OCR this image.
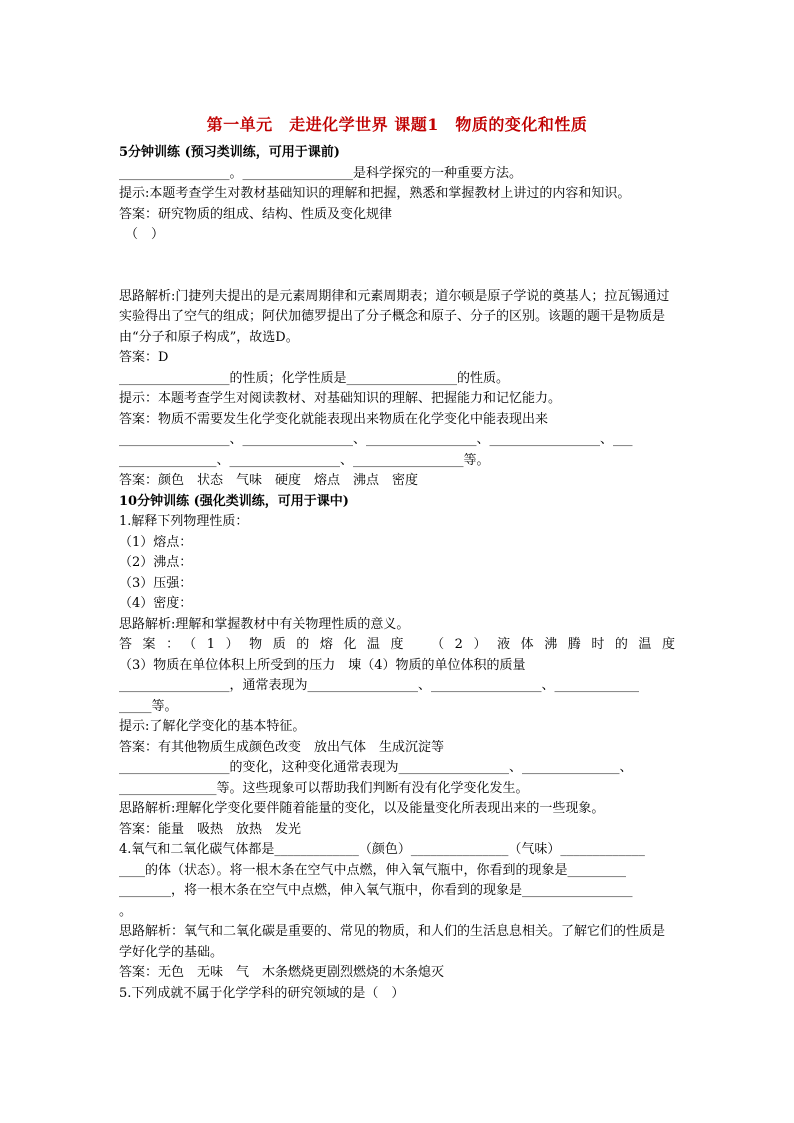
第一单元　走进化学世界 课题1　物质的变化和性质
5分钟训练 (预习类训练，可用于课前)
_________________。_________________是科学探究的一种重要方法。
提示:本题考查学生对教材基础知识的理解和把握，熟悉和掌握教材上讲过的内容和知识。
答案：研究物质的组成、结构、性质及变化规律
（　）
思路解析:门捷列夫提出的是元素周期律和元素周期表；道尔顿是原子学说的奠基人；拉瓦锡通过实验得出了空气的组成；阿伏加德罗提出了分子概念和原子、分子的区别。该题的题干是物质是由“分子和原子构成”，故选D。
答案：D
_________________的性质；化学性质是_________________的性质。
提示：本题考查学生对阅读教材、对基础知识的理解、把握能力和记忆能力。
答案：物质不需要发生化学变化就能表现出来物质在化学变化中能表现出来
_________________、_________________、_________________、_________________、___
_______________、_________________、_________________等。
答案：颜色　状态　气味　硬度　熔点　沸点　密度
10分钟训练 (强化类训练，可用于课中)
1.解释下列物理性质：
（1）熔点：
（2）沸点：
（3）压强：
（4）密度：
思路解析:理解和掌握教材中有关物理性质的意义。
答案：（1）物质的熔化温度　（2）液体沸腾时的温度
（3）物质在单位体积上所受到的压力　埬（4）物质的单位体积的质量
_________________，通常表现为_________________、_________________、_____________
_____等。
提示:了解化学变化的基本特征。
答案：有其他物质生成颜色改变　放出气体　生成沉淀等
_________________的变化，这种变化通常表现为_________________、_______________、
_______________等。这些现象可以帮助我们判断有没有化学变化发生。
思路解析:理解化学变化要伴随着能量的变化，以及能量变化所表现出来的一些现象。
答案：能量　吸热　放热　发光
4.氧气和二氧化碳气体都是_____________（颜色）_______________（气味）_____________
____的体（状态）。将一根木条在空气中点燃，伸入氧气瓶中，你看到的现象是_________
________，将一根木条在空气中点燃，伸入氧气瓶中，你看到的现象是_________________
。
思路解析：氧气和二氧化碳是重要的、常见的物质，和人们的生活息息相关。了解它们的性质是学好化学的基础。
答案：无色　无味　气　木条燃烧更剧烈燃烧的木条熄灭
5.下列成就不属于化学学科的研究领域的是（　）
